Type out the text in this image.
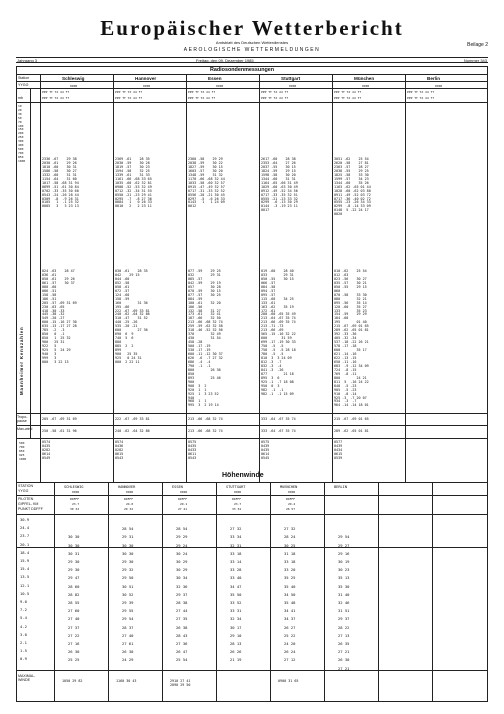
Europäischer Wetterbericht
Amtsblatt des Deutschen Wetterdienstes
AEROLOGISCHE WETTERMELDUNGEN
Beilage 2
Jahrgang 3	Freitag, den 09. Dezember 1985	Nummer 343
Radiosondenmessungen
Station
YYGG
mb
Schleswig
0900
PPP TT Td dd ff
PPP TT Td dd ff
2336 -67    29 38
2030 -61    29 26
1810 -60    30 31
1586 -58    30 27
1332 -60    31 31
1154 -64    31 60
1017 -58 -68 31 94
0899 -51 -61 30 84
0702 -33 -35 30 60
0543 -24 -26 28 44
0309  -8  -9 26 31
0105   1  -1 25 32
0085   3   3 23 13
024 -63    28 47
036 -61
050 -61    29 26
061 -57    30 37
080 -60
086 -51
158 -58
186 -51
205 -57 -69 31 69
230 -63 -65
418 -30 -33
445 -38 -32
549 -20 -27
600 -15 -16 27 30
635 -13 -17 27 28
785  -2  -3
850   0  -1
850   1  25 32
900   25 31
922   5
925   5  24 29
940   3
999   3
000   3 22 13
205 -67 -69 31 69
250 -58 -61 31 96
0574
0435
0282
0614
0549
Hannover
0900
PPP TT Td dd ff
PPP TT Td dd ff
2369 -61    28 35
2030 -59    30 28
1819 -57    30 23
1594 -58    32 25
1339 -61    31 33
1161 -66 -68 33 65
1035 -60 -62 32 81
0908 -52 -53 32 49
0712 -32 -34 31 55
0550 -21 -23 29 41
0295  -7  -8 27 36
0084   1   0 26 33
0010   2   2 23 11
030 -61    28 35
042    29 15
044 -60
052 -58
058 -61
072 -57
124 -60
158 -59
160        31 36
195 -66
222 -67 -69 33 81
240 -62 -64 32 86
310 -47    31 52
440 -25 -26
535 -20 -21
600        27 36
690  6  9
740  5  6
800
885  2  2
899
900   25 35
925   0 24 31
000  2 22 11
222 -67 -69 33 81
240 -62 -64 32 86
0574
0436
0282
0615
0543
Essen
0900
PPP TT Td dd ff
PPP TT Td dd ff
2360 -58    29 29
2038 -59    30 22
1827 -59    30 15
1603 -57    30 20
1348 -59    31 32
1170 -66 -68 32 44
1033 -58 -60 32 57
0915 -47 -49 32 57
0717 -31 -33 32 52
0556 -20 -21 30 45
0297  -5  -6 26 33
0143   1   1 24 09
0012
077 -59    29 25
032        29 31
085 -57
042 -59    29 19
057        30 28
070 -59    30 15
077 -57    30 25
084 -59
100 -61    32 20
106 -56
132 -58    31 27
173 -61    32 41
187 -66    32 50
213 -66 -68 32 74
259 -59 -62 32 58
318 -46 -52 32 56
370        32 49
430        31 54
458 -28
500 -17 -19
530 -17 -19
600 -11 -12 30 37
626  -6  -7 27 32
686  -4  -4
790  -1  -1
800        26 36
850
893        25 46
900
908  3  2
920  1  1
925  1  3 23 52
940
968  1  1
995  3  2 19 14
213 -66 -68 32 74
213 -66 -68 32 74
0575
0435
0433
0611
0543
Stuttgart
0900
PPP TT Td dd ff
PPP TT Td dd ff
2617 -60    28 38
2353 -64    27 26
2037 -55    30 15
1824 -59    29 15
1598 -58    30 20
1344 -60    31 31
1164 -65 -66 31 49
1029 -60 -63 30 49
0912 -49 -52 34 56
0717 -33 -35 32 51
0555 -21 -23 33 32
0299  -6 -13 30 29
0144  -3 -19 23 11
0017
019 -60    28 40
033        29 31
050 -55    30 15
066 -57
084 -58
094 -57
095 -57
115 -60    34 25
133 -61
163 -62    35 19
172 -61
200 -60 -65 35 49
213 -64 -67 35 74
213 -66 -69 35 74
213 -71 -73
213 -66 -69
565 -15 -16 32 22
600       31 59
699 -17 -19 30 33
750  -5  -5
758  -5  -5 28 18
780  -5  -5
810  3  3 24 09
812 -3  -7
832 -3  -4
841 -3  -26
877        21 18
895  3  6
925 -1  -7 18 08
950  0  3
982  -1  -1
982 -1  -1 15 09
333 -64 -67 35 74
333 -64 -67 35 74
0575
0439
0435
0614
0545
München
0900
PPP TT Td dd ff
PPP TT Td dd ff
3051 -62    25 54
2620 -58    27 81
2363 -57    28 27
2038 -55    29 25
1825 -58    33 30
1599 -57    34 23
1344 -60    35 26
1163 -62 -65 01 44
1028 -60 -62 03 80
0911 -49 -52 03 72
0717 -36 -40 02 72
0555 -23 -26 34 33
0299  -8 -14 33 09
0148  5 -22 24 17
0020
010 -62    25 54
012 -63
023 -56    30 27
035 -57    30 21
050 -55    29 15
060
070 -58    33 30
080        32 21
095 -56    35 14
120 -60    35 27
133        35 23
154 -59    29 29
184 -60
195        01 40
215 -67 -69 01 65
289 -62 -65 01 81
392 -33 -36
405 -32 -34
537 -18 -22 26 21
578 -17 -18
600        35 17
621 -14 -16
622 -13 -15
650 -11 -16
683  -9 -12 34 09
724  -8 -15
769  -8 -11
800        24 21
811  5  -16 24 22
848  -5 -23
905  -5 -23
910  -8 -14
925 -3  -7 20 07
934  -3  -7
964 -14 -14 18 01
215 -67 -69 01 65
289 -62 -65 01 81
0577
0439
0434
0615
0539
Berlin
0900
PPP TT Td dd ff
PPP TT Td dd ff
10
20
30
50
70
100
150
200
250
300
400
500
700
850
1000
500
700
850
925
1000
Tropo-pause
Max-wind
Mannheimer Kennzahlen
Höhenwinde
STATION
YYGG
PILOTEN
GIPFEL- KM
PUNKT DDFFF
MAXIMAL- WINDE
SCHLESWIG
0906
DDFFF
23.7
30 32

30 30
30 30
30 31
29 30
29 30
29 47
28 60
28 82
28 55
27 60
27 40
27 37
27 22
27 16
26 30
25 25
1050 29 82
HANNOVER
0906
DDFFF
24.0
29 32

28 54
29 31
30 30
30 30
29 30
29 32
29 50
30 51
30 52
29 39
29 55
29 54
28 37
27 40
27 61
26 30
24 29
1160 30 43
ESSEN
0906
DDFFF
29.1
27 41

28 54
29 29
29 24
30 24
30 29
30 29
30 34
32 36
29 37
28 38
27 44
27 35
26 38
28 43
27 36
26 47
25 54
2910 27 41
2090 29 50
STUTTGART
0906
DDFFF
23.7
33 34

27 32
33 34
32 31
33 18
33 14
33 28
33 40
34 47
35 50
33 52
33 31
32 34
30 17
29 10
28 13
26 26
21 19
MUENCHEN
0906
DDFFF
29.4
26 57

27 32
28 24
30 25
31 18
33 18
33 20
35 25
35 40
34 50
35 48
34 41
34 37
26 27
25 22
24 20
26 24
27 12
0900 31 65
BERLIN

29 54
29 27
29 16
30 19
30 23
35 13
35 30
31 40
32 46
31 51
29 37
28 22
27 13
26 35
27 21
26 30
27 21
30.9
24.4
23.7
20.1
18.4
15.9
15.4
13.5
12.1
10.5
9.0
7.2
5.4
4.2
3.0
2.1
1.5
0.9
